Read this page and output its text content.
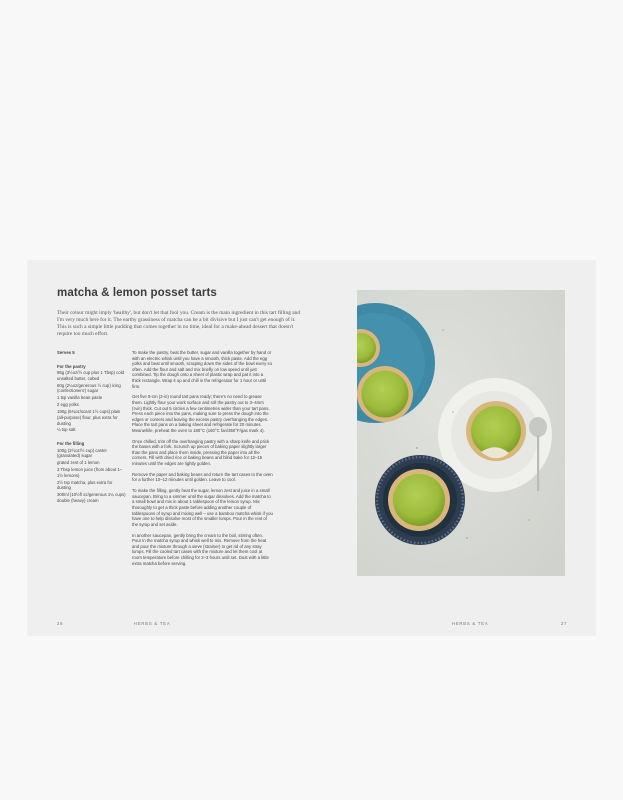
matcha & lemon posset tarts

Their colour might imply 'healthy', but don't let that fool you. Cream is the main ingredient in this tart filling and I'm very much here for it. The earthy grassiness of matcha can be a bit divisive but I just can't get enough of it. This is such a simple little pudding that comes together in no time, ideal for a make-ahead dessert that doesn't require too much effort.

Serves 5

For the pastry

95g (3½oz/½ cup plus 1 Tbsp) cold unsalted butter, cubed
60g (2¼oz/generous ½ cup) icing (confectioners') sugar
1 tsp vanilla bean paste
2 egg yolks
190g (6¾oz/scant 1½ cups) plain (all-purpose) flour, plus extra for dusting
¼ tsp salt

For the filling

100g (3½oz/½ cup) caster (granulated) sugar
grated zest of 1 lemon
3 Tbsp lemon juice (from about 1–1½ lemons)
2½ tsp matcha, plus extra for dusting
300ml (10½fl oz/generous 1¼ cups) double (heavy) cream

To make the pastry, beat the butter, sugar and vanilla together by hand or with an electric whisk until you have a smooth, thick paste. Add the egg yolks and beat until smooth, scraping down the sides of the bowl every so often. Add the flour and salt and mix briefly on low speed until just combined. Tip the dough onto a sheet of plastic wrap and pat it into a thick rectangle. Wrap it up and chill in the refrigerator for 1 hour or until firm.

Get five 8-cm (3-in) round tart pans ready; there's no need to grease them. Lightly flour your work surface and roll the pastry out to 3–4mm (⅛in) thick. Cut out 5 circles a few centimetres wider than your tart pans. Press each piece into the pans, making sure to press the dough into the edges or corners and leaving the excess pastry overhanging the edges. Place the tart pans on a baking sheet and refrigerate for 20 minutes. Meanwhile, preheat the oven to 180°C (160°C fan/350°F/gas mark 4).

Once chilled, trim off the overhanging pastry with a sharp knife and prick the bases with a fork. Scrunch up pieces of baking paper slightly larger than the pans and place them inside, pressing the paper into all the corners. Fill with dried rice or baking beans and blind bake for 12–15 minutes until the edges are lightly golden.

Remove the paper and baking beans and return the tart cases to the oven for a further 10–12 minutes until golden. Leave to cool.

To make the filling, gently heat the sugar, lemon zest and juice in a small saucepan. Bring to a simmer until the sugar dissolves. Add the matcha to a small bowl and mix in about 1 tablespoon of the lemon syrup. Mix thoroughly to get a thick paste before adding another couple of tablespoons of syrup and mixing well – use a bamboo matcha whisk if you have one to help dissolve most of the smaller lumps. Pour in the rest of the syrup and set aside.

In another saucepan, gently bring the cream to the boil, stirring often. Pour in the matcha syrup and whisk well to mix. Remove from the heat and pour the mixture through a sieve (strainer) to get rid of any stray lumps. Fill the cooled tart cases with the mixture and let them cool at room temperature before chilling for 2–3 hours until set. Dust with a little extra matcha before serving.

26	HERBS & TEA	HERBS & TEA	27
